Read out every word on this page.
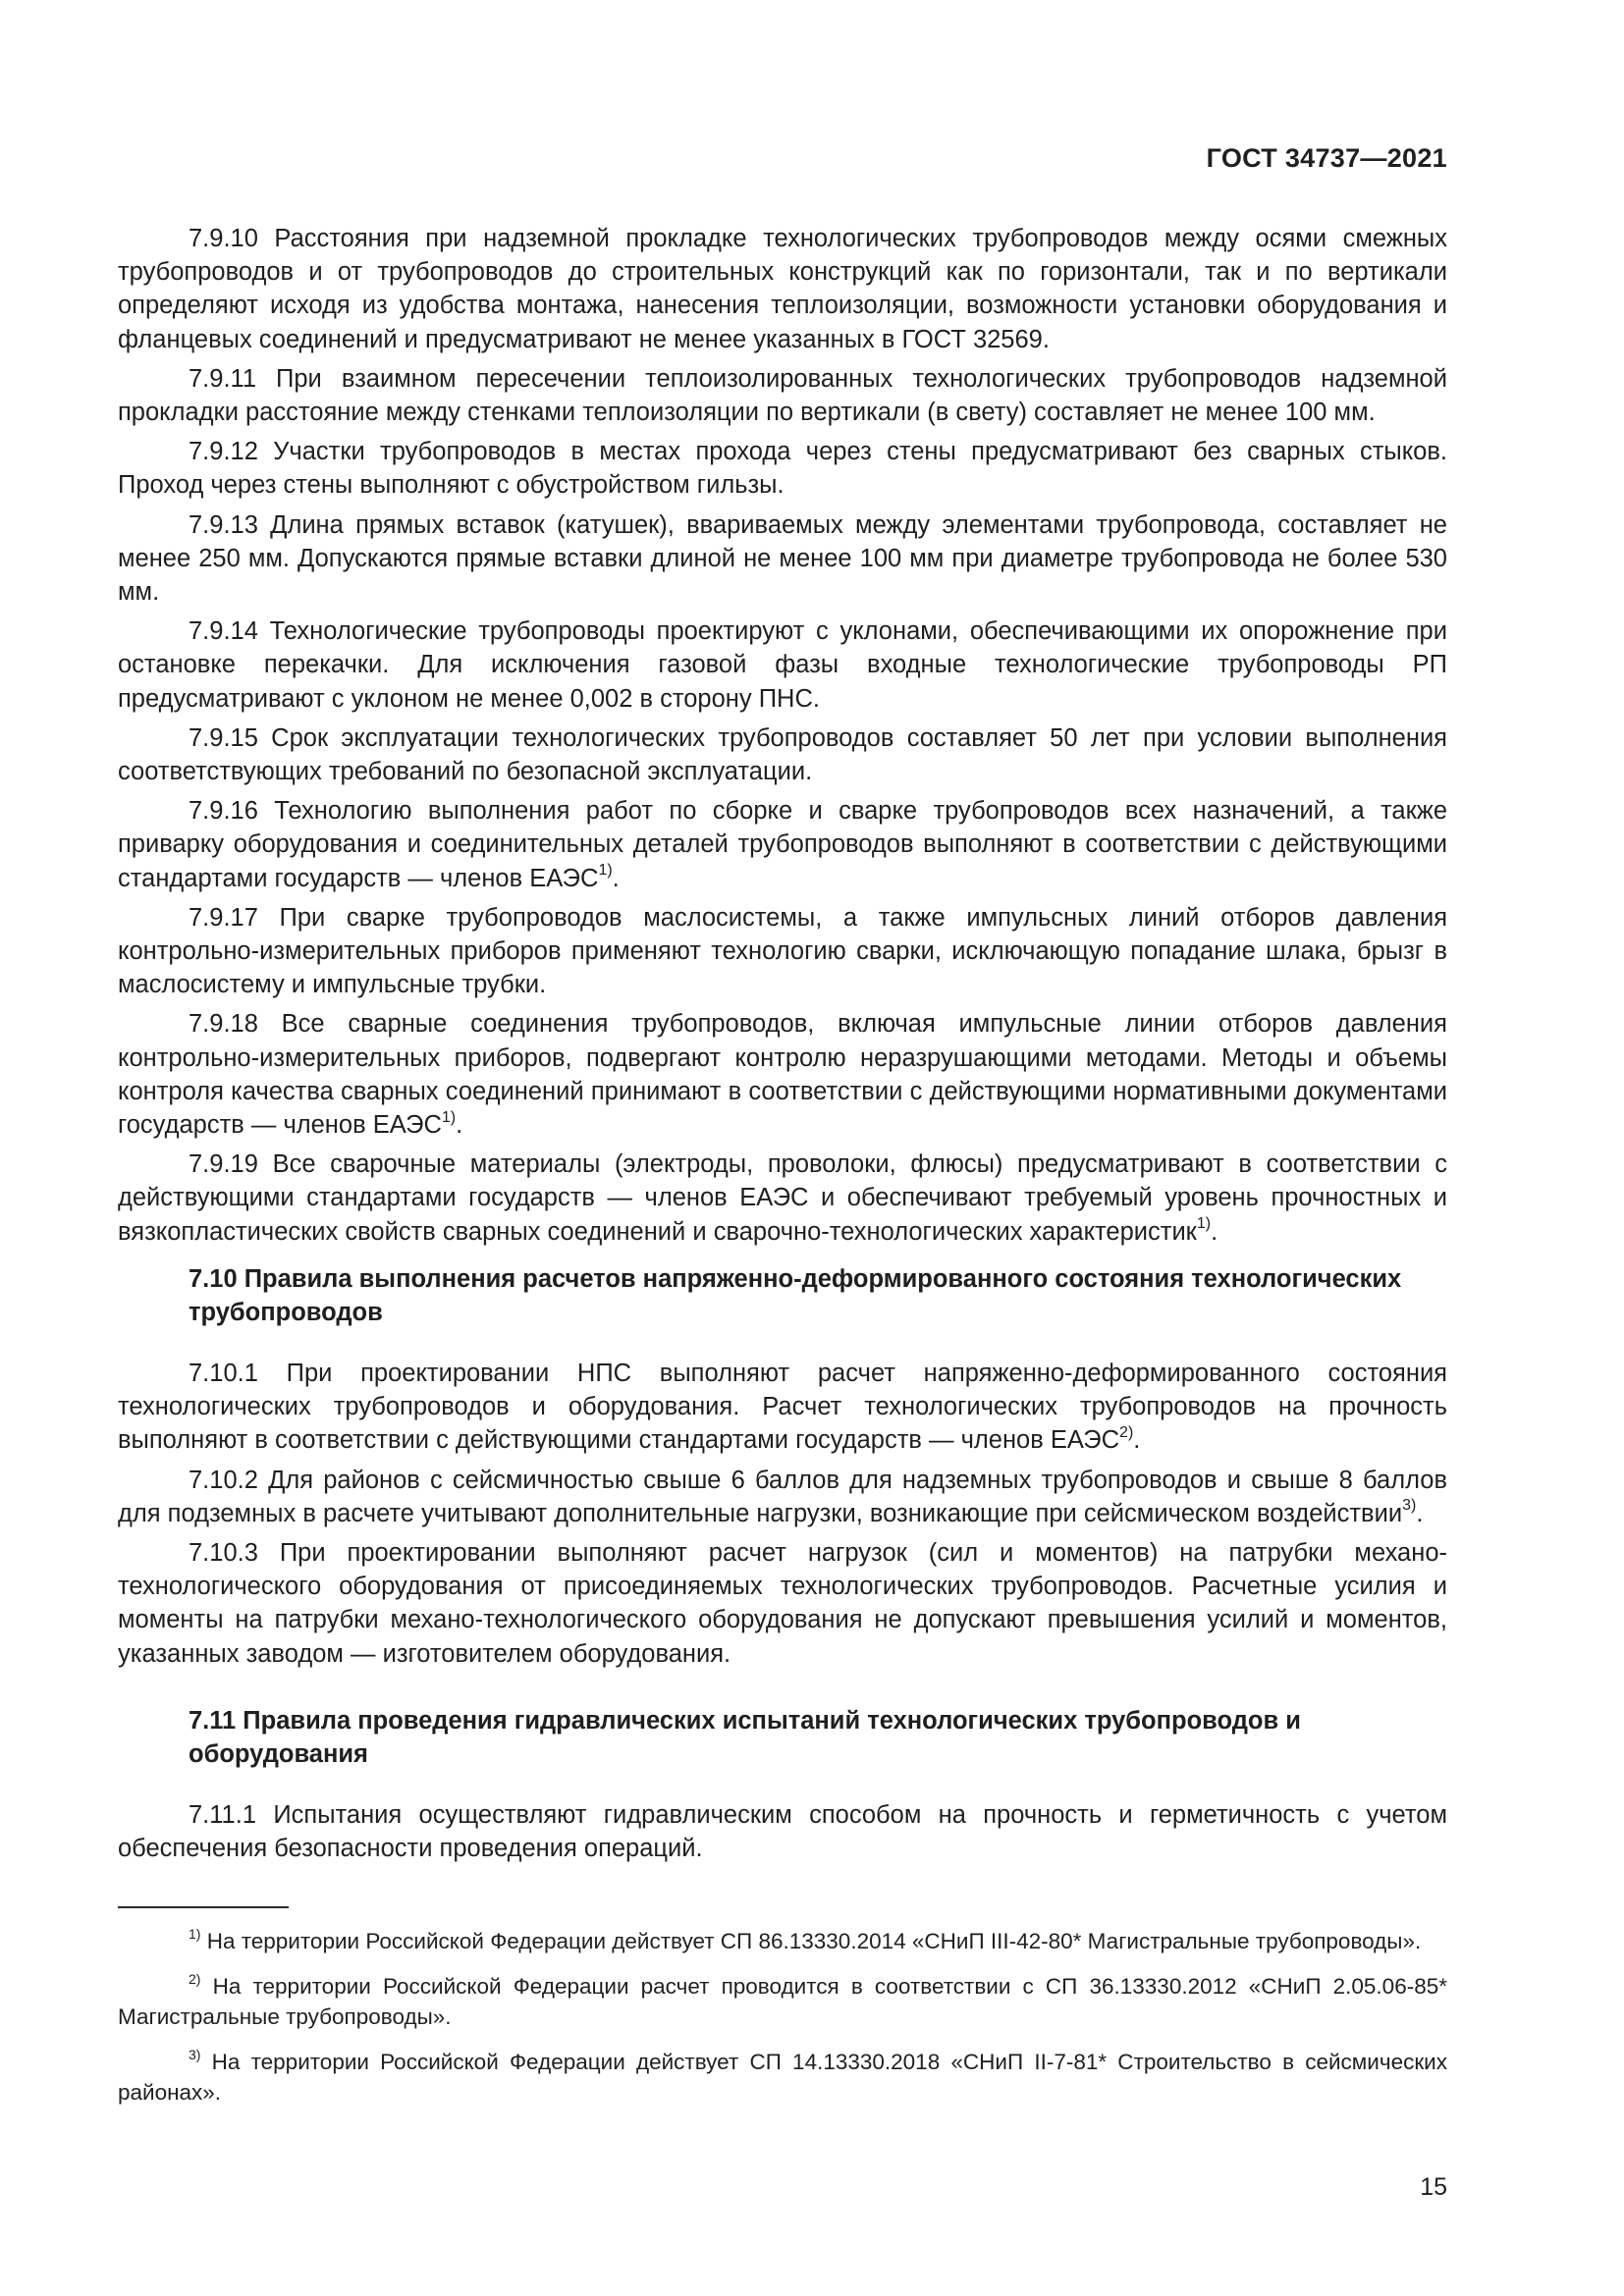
ГОСТ 34737—2021

7.9.10 Расстояния при надземной прокладке технологических трубопроводов между осями смежных трубопроводов и от трубопроводов до строительных конструкций как по горизонтали, так и по вертикали определяют исходя из удобства монтажа, нанесения теплоизоляции, возможности установки оборудования и фланцевых соединений и предусматривают не менее указанных в ГОСТ 32569.

7.9.11 При взаимном пересечении теплоизолированных технологических трубопроводов надземной прокладки расстояние между стенками теплоизоляции по вертикали (в свету) составляет не менее 100 мм.

7.9.12 Участки трубопроводов в местах прохода через стены предусматривают без сварных стыков. Проход через стены выполняют с обустройством гильзы.

7.9.13 Длина прямых вставок (катушек), ввариваемых между элементами трубопровода, составляет не менее 250 мм. Допускаются прямые вставки длиной не менее 100 мм при диаметре трубопровода не более 530 мм.

7.9.14 Технологические трубопроводы проектируют с уклонами, обеспечивающими их опорожнение при остановке перекачки. Для исключения газовой фазы входные технологические трубопроводы РП предусматривают с уклоном не менее 0,002 в сторону ПНС.

7.9.15 Срок эксплуатации технологических трубопроводов составляет 50 лет при условии выполнения соответствующих требований по безопасной эксплуатации.

7.9.16 Технологию выполнения работ по сборке и сварке трубопроводов всех назначений, а также приварку оборудования и соединительных деталей трубопроводов выполняют в соответствии с действующими стандартами государств — членов ЕАЭС$^{1)}$.

7.9.17 При сварке трубопроводов маслосистемы, а также импульсных линий отборов давления контрольно-измерительных приборов применяют технологию сварки, исключающую попадание шлака, брызг в маслосистему и импульсные трубки.

7.9.18 Все сварные соединения трубопроводов, включая импульсные линии отборов давления контрольно-измерительных приборов, подвергают контролю неразрушающими методами. Методы и объемы контроля качества сварных соединений принимают в соответствии с действующими нормативными документами государств — членов ЕАЭС$^{1)}$.

7.9.19 Все сварочные материалы (электроды, проволоки, флюсы) предусматривают в соответствии с действующими стандартами государств — членов ЕАЭС и обеспечивают требуемый уровень прочностных и вязкопластических свойств сварных соединений и сварочно-технологических характеристик$^{1)}$.

7.10 Правила выполнения расчетов напряженно-деформированного состояния технологических трубопроводов

7.10.1 При проектировании НПС выполняют расчет напряженно-деформированного состояния технологических трубопроводов и оборудования. Расчет технологических трубопроводов на прочность выполняют в соответствии с действующими стандартами государств — членов ЕАЭС$^{2)}$.

7.10.2 Для районов с сейсмичностью свыше 6 баллов для надземных трубопроводов и свыше 8 баллов для подземных в расчете учитывают дополнительные нагрузки, возникающие при сейсмическом воздействии$^{3)}$.

7.10.3 При проектировании выполняют расчет нагрузок (сил и моментов) на патрубки механо-технологического оборудования от присоединяемых технологических трубопроводов. Расчетные усилия и моменты на патрубки механо-технологического оборудования не допускают превышения усилий и моментов, указанных заводом — изготовителем оборудования.

7.11 Правила проведения гидравлических испытаний технологических трубопроводов и оборудования

7.11.1 Испытания осуществляют гидравлическим способом на прочность и герметичность с учетом обеспечения безопасности проведения операций.

$^{1)}$ На территории Российской Федерации действует СП 86.13330.2014 «СНиП III-42-80* Магистральные трубопроводы».

$^{2)}$ На территории Российской Федерации расчет проводится в соответствии с СП 36.13330.2012 «СНиП 2.05.06-85* Магистральные трубопроводы».

$^{3)}$ На территории Российской Федерации действует СП 14.13330.2018 «СНиП II-7-81* Строительство в сейсмических районах».

15
